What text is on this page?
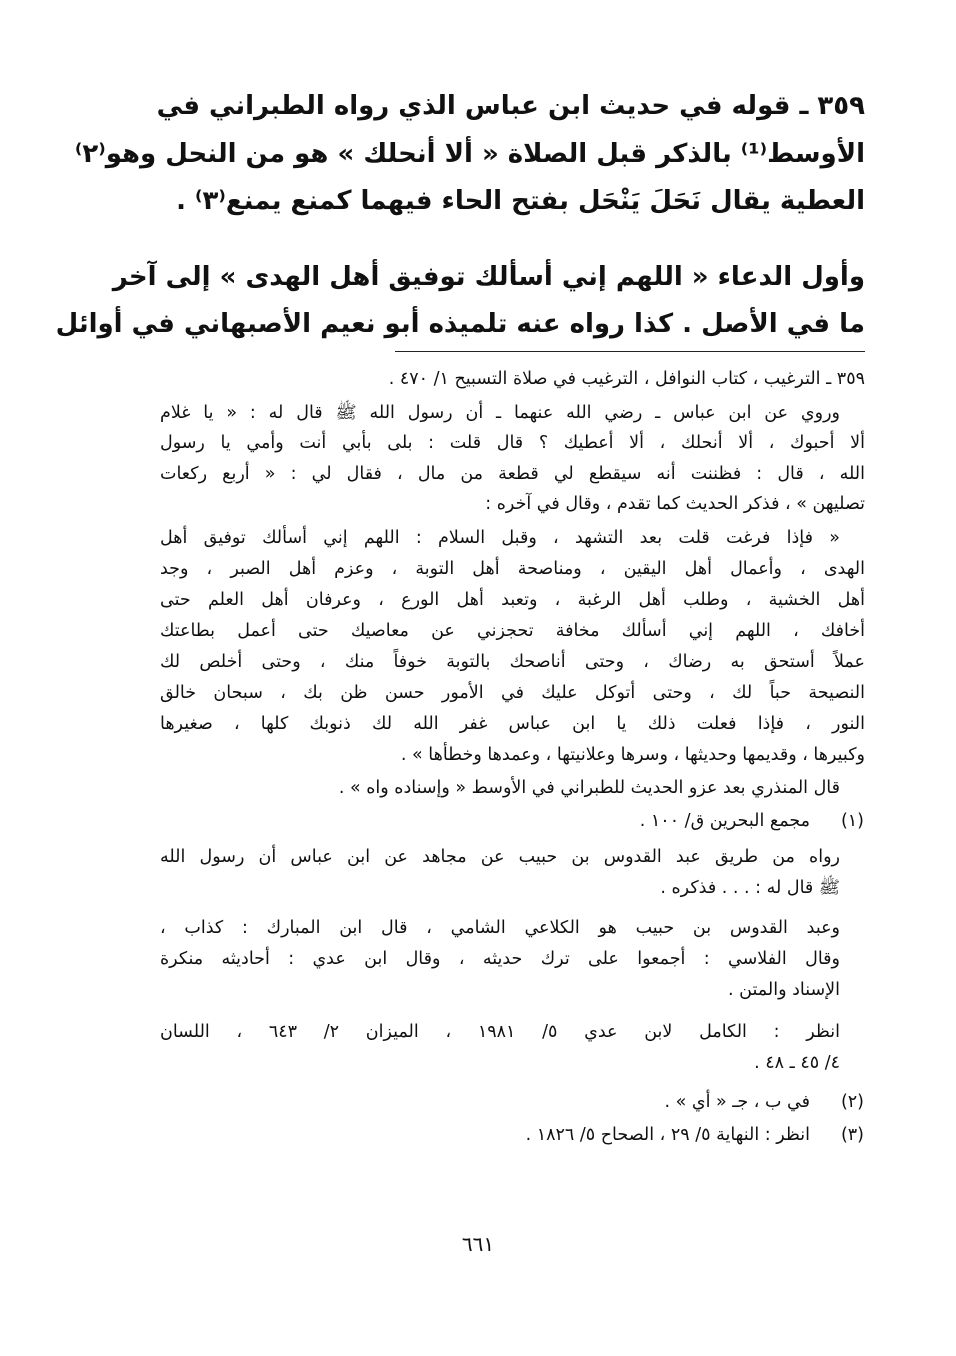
٣٥٩ ـ قوله في حديث ابن عباس الذي رواه الطبراني في
الأوسط⁽¹⁾ بالذكر قبل الصلاة « ألا أنحلك » هو من النحل وهو⁽٢⁾
العطية يقال نَحَلَ يَنْحَل بفتح الحاء فيهما كمنع يمنع⁽٣⁾ .
وأول الدعاء « اللهم إني أسألك توفيق أهل الهدى » إلى آخر
ما في الأصل . كذا رواه عنه تلميذه أبو نعيم الأصبهاني في أوائل
٣٥٩ ـ الترغيب ، كتاب النوافل ، الترغيب في صلاة التسبيح ١/ ٤٧٠ .
وروي عن ابن عباس ـ رضي الله عنهما ـ أن رسول الله ﷺ قال له : « يا غلام
ألا أحبوك ، ألا أنحلك ، ألا أعطيك ؟ قال قلت : بلى بأبي أنت وأمي يا رسول
الله ، قال : فظننت أنه سيقطع لي قطعة من مال ، فقال لي : « أربع ركعات
تصليهن » ، فذكر الحديث كما تقدم ، وقال في آخره :
« فإذا فرغت قلت بعد التشهد ، وقبل السلام : اللهم إني أسألك توفيق أهل
الهدى ، وأعمال أهل اليقين ، ومناصحة أهل التوبة ، وعزم أهل الصبر ، وجد
أهل الخشية ، وطلب أهل الرغبة ، وتعبد أهل الورع ، وعرفان أهل العلم حتى
أخافك ، اللهم إني أسألك مخافة تحجزني عن معاصيك حتى أعمل بطاعتك
عملاً أستحق به رضاك ، وحتى أناصحك بالتوبة خوفاً منك ، وحتى أخلص لك
النصيحة حباً لك ، وحتى أتوكل عليك في الأمور حسن ظن بك ، سبحان خالق
النور ، فإذا فعلت ذلك يا ابن عباس غفر الله لك ذنوبك كلها ، صغيرها
وكبيرها ، وقديمها وحديثها ، وسرها وعلانيتها ، وعمدها وخطأها » .
قال المنذري بعد عزو الحديث للطبراني في الأوسط « وإسناده واه » .
(١)
مجمع البحرين ق/ ١٠٠ .
رواه من طريق عبد القدوس بن حبيب عن مجاهد عن ابن عباس أن رسول الله
ﷺ قال له : . . . فذكره .
وعبد القدوس بن حبيب هو الكلاعي الشامي ، قال ابن المبارك : كذاب ،
وقال الفلاسي : أجمعوا على ترك حديثه ، وقال ابن عدي : أحاديثه منكرة
الإسناد والمتن .
انظر : الكامل لابن عدي ٥/ ١٩٨١ ، الميزان ٢/ ٦٤٣ ، اللسان
٤/ ٤٥ ـ ٤٨ .
(٢)
في ب ، جـ « أي » .
(٣)
انظر : النهاية ٥/ ٢٩ ، الصحاح ٥/ ١٨٢٦ .
٦٦١
